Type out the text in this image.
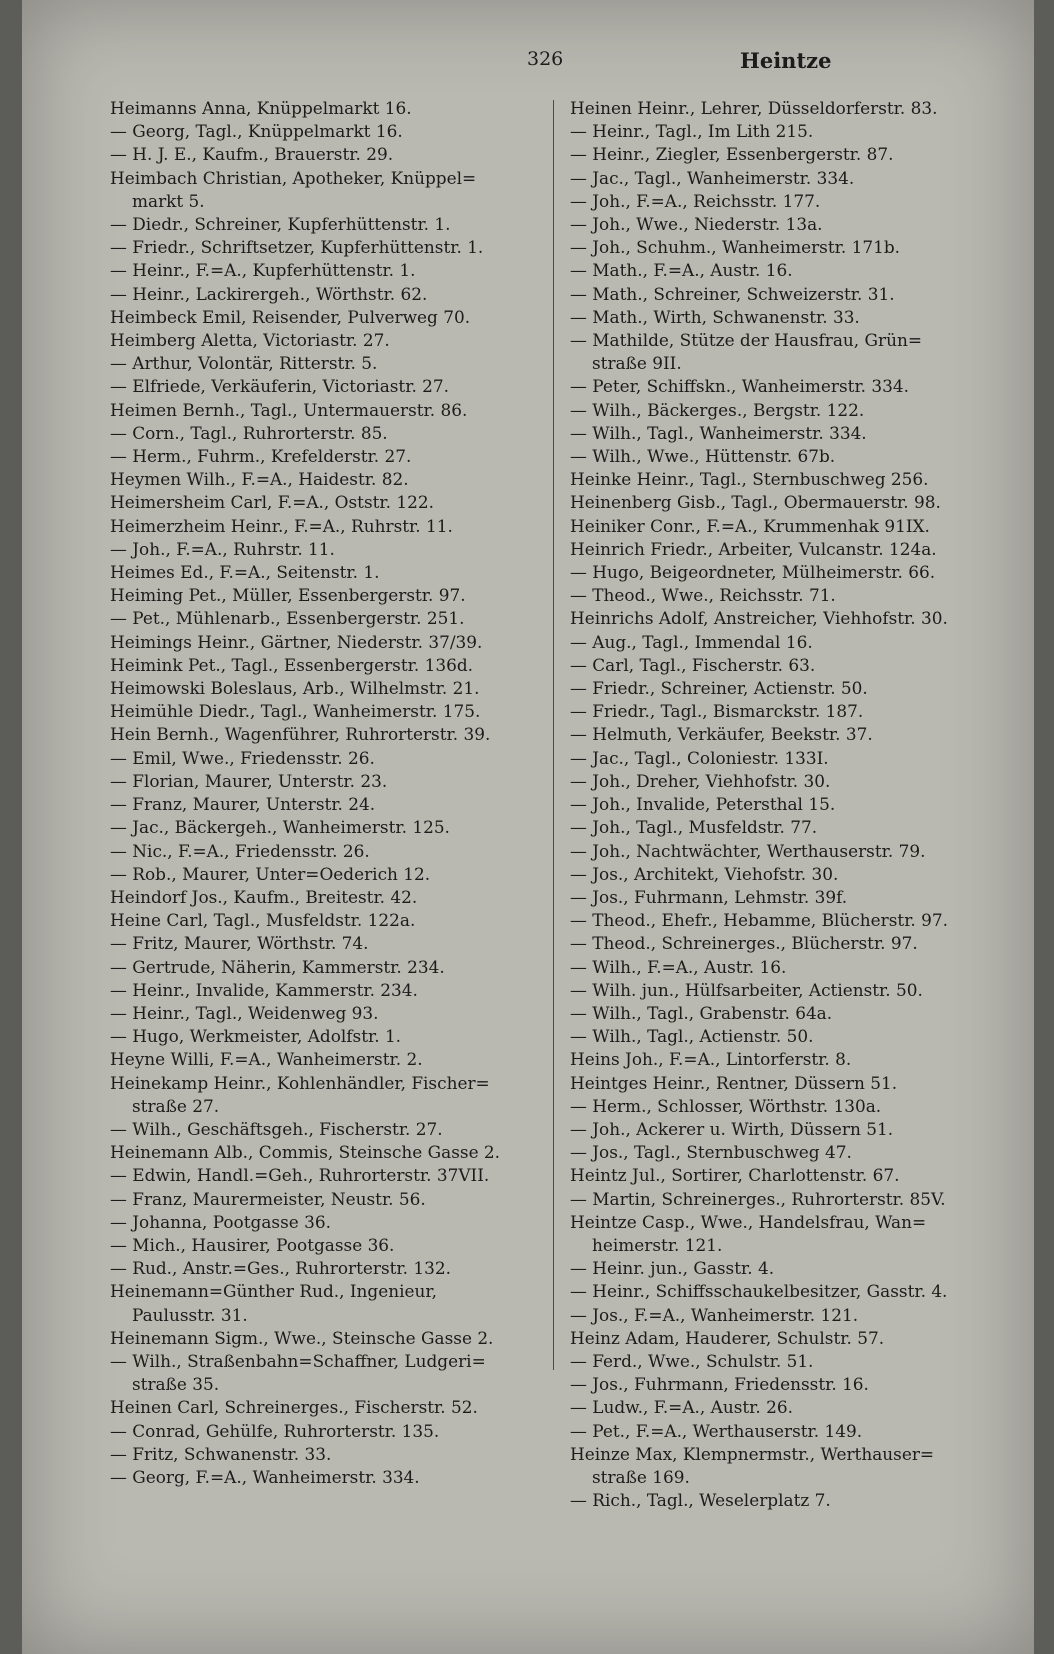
326	Heintze
Heimanns Anna, Knüppelmarkt 16.
— Georg, Tagl., Knüppelmarkt 16.
— H. J. E., Kaufm., Brauerstr. 29.
Heimbach Christian, Apotheker, Knüppel=
markt 5.
— Diedr., Schreiner, Kupferhüttenstr. 1.
— Friedr., Schriftsetzer, Kupferhüttenstr. 1.
— Heinr., F.=A., Kupferhüttenstr. 1.
— Heinr., Lackirergeh., Wörthstr. 62.
Heimbeck Emil, Reisender, Pulverweg 70.
Heimberg Aletta, Victoriastr. 27.
— Arthur, Volontär, Ritterstr. 5.
— Elfriede, Verkäuferin, Victoriastr. 27.
Heimen Bernh., Tagl., Untermauerstr. 86.
— Corn., Tagl., Ruhrorterstr. 85.
— Herm., Fuhrm., Krefelderstr. 27.
Heymen Wilh., F.=A., Haidestr. 82.
Heimersheim Carl, F.=A., Oststr. 122.
Heimerzheim Heinr., F.=A., Ruhrstr. 11.
— Joh., F.=A., Ruhrstr. 11.
Heimes Ed., F.=A., Seitenstr. 1.
Heiming Pet., Müller, Essenbergerstr. 97.
— Pet., Mühlenarb., Essenbergerstr. 251.
Heimings Heinr., Gärtner, Niederstr. 37/39.
Heimink Pet., Tagl., Essenbergerstr. 136d.
Heimowski Boleslaus, Arb., Wilhelmstr. 21.
Heimühle Diedr., Tagl., Wanheimerstr. 175.
Hein Bernh., Wagenführer, Ruhrorterstr. 39.
— Emil, Wwe., Friedensstr. 26.
— Florian, Maurer, Unterstr. 23.
— Franz, Maurer, Unterstr. 24.
— Jac., Bäckergeh., Wanheimerstr. 125.
— Nic., F.=A., Friedensstr. 26.
— Rob., Maurer, Unter=Oederich 12.
Heindorf Jos., Kaufm., Breitestr. 42.
Heine Carl, Tagl., Musfeldstr. 122a.
— Fritz, Maurer, Wörthstr. 74.
— Gertrude, Näherin, Kammerstr. 234.
— Heinr., Invalide, Kammerstr. 234.
— Heinr., Tagl., Weidenweg 93.
— Hugo, Werkmeister, Adolfstr. 1.
Heyne Willi, F.=A., Wanheimerstr. 2.
Heinekamp Heinr., Kohlenhändler, Fischer=
straße 27.
— Wilh., Geschäftsgeh., Fischerstr. 27.
Heinemann Alb., Commis, Steinsche Gasse 2.
— Edwin, Handl.=Geh., Ruhrorterstr. 37VII.
— Franz, Maurermeister, Neustr. 56.
— Johanna, Pootgasse 36.
— Mich., Hausirer, Pootgasse 36.
— Rud., Anstr.=Ges., Ruhrorterstr. 132.
Heinemann=Günther Rud., Ingenieur,
Paulusstr. 31.
Heinemann Sigm., Wwe., Steinsche Gasse 2.
— Wilh., Straßenbahn=Schaffner, Ludgeri=
straße 35.
Heinen Carl, Schreinerges., Fischerstr. 52.
— Conrad, Gehülfe, Ruhrorterstr. 135.
— Fritz, Schwanenstr. 33.
— Georg, F.=A., Wanheimerstr. 334.
Heinen Heinr., Lehrer, Düsseldorferstr. 83.
— Heinr., Tagl., Im Lith 215.
— Heinr., Ziegler, Essenbergerstr. 87.
— Jac., Tagl., Wanheimerstr. 334.
— Joh., F.=A., Reichsstr. 177.
— Joh., Wwe., Niederstr. 13a.
— Joh., Schuhm., Wanheimerstr. 171b.
— Math., F.=A., Austr. 16.
— Math., Schreiner, Schweizerstr. 31.
— Math., Wirth, Schwanenstr. 33.
— Mathilde, Stütze der Hausfrau, Grün=
straße 9II.
— Peter, Schiffskn., Wanheimerstr. 334.
— Wilh., Bäckerges., Bergstr. 122.
— Wilh., Tagl., Wanheimerstr. 334.
— Wilh., Wwe., Hüttenstr. 67b.
Heinke Heinr., Tagl., Sternbuschweg 256.
Heinenberg Gisb., Tagl., Obermauerstr. 98.
Heiniker Conr., F.=A., Krummenhak 91IX.
Heinrich Friedr., Arbeiter, Vulcanstr. 124a.
— Hugo, Beigeordneter, Mülheimerstr. 66.
— Theod., Wwe., Reichsstr. 71.
Heinrichs Adolf, Anstreicher, Viehhofstr. 30.
— Aug., Tagl., Immendal 16.
— Carl, Tagl., Fischerstr. 63.
— Friedr., Schreiner, Actienstr. 50.
— Friedr., Tagl., Bismarckstr. 187.
— Helmuth, Verkäufer, Beekstr. 37.
— Jac., Tagl., Coloniestr. 133I.
— Joh., Dreher, Viehhofstr. 30.
— Joh., Invalide, Petersthal 15.
— Joh., Tagl., Musfeldstr. 77.
— Joh., Nachtwächter, Werthauserstr. 79.
— Jos., Architekt, Viehofstr. 30.
— Jos., Fuhrmann, Lehmstr. 39f.
— Theod., Ehefr., Hebamme, Blücherstr. 97.
— Theod., Schreinerges., Blücherstr. 97.
— Wilh., F.=A., Austr. 16.
— Wilh. jun., Hülfsarbeiter, Actienstr. 50.
— Wilh., Tagl., Grabenstr. 64a.
— Wilh., Tagl., Actienstr. 50.
Heins Joh., F.=A., Lintorferstr. 8.
Heintges Heinr., Rentner, Düssern 51.
— Herm., Schlosser, Wörthstr. 130a.
— Joh., Ackerer u. Wirth, Düssern 51.
— Jos., Tagl., Sternbuschweg 47.
Heintz Jul., Sortirer, Charlottenstr. 67.
— Martin, Schreinerges., Ruhrorterstr. 85V.
Heintze Casp., Wwe., Handelsfrau, Wan=
heimerstr. 121.
— Heinr. jun., Gasstr. 4.
— Heinr., Schiffsschaukelbesitzer, Gasstr. 4.
— Jos., F.=A., Wanheimerstr. 121.
Heinz Adam, Hauderer, Schulstr. 57.
— Ferd., Wwe., Schulstr. 51.
— Jos., Fuhrmann, Friedensstr. 16.
— Ludw., F.=A., Austr. 26.
— Pet., F.=A., Werthauserstr. 149.
Heinze Max, Klempnermstr., Werthauser=
straße 169.
— Rich., Tagl., Weselerplatz 7.
